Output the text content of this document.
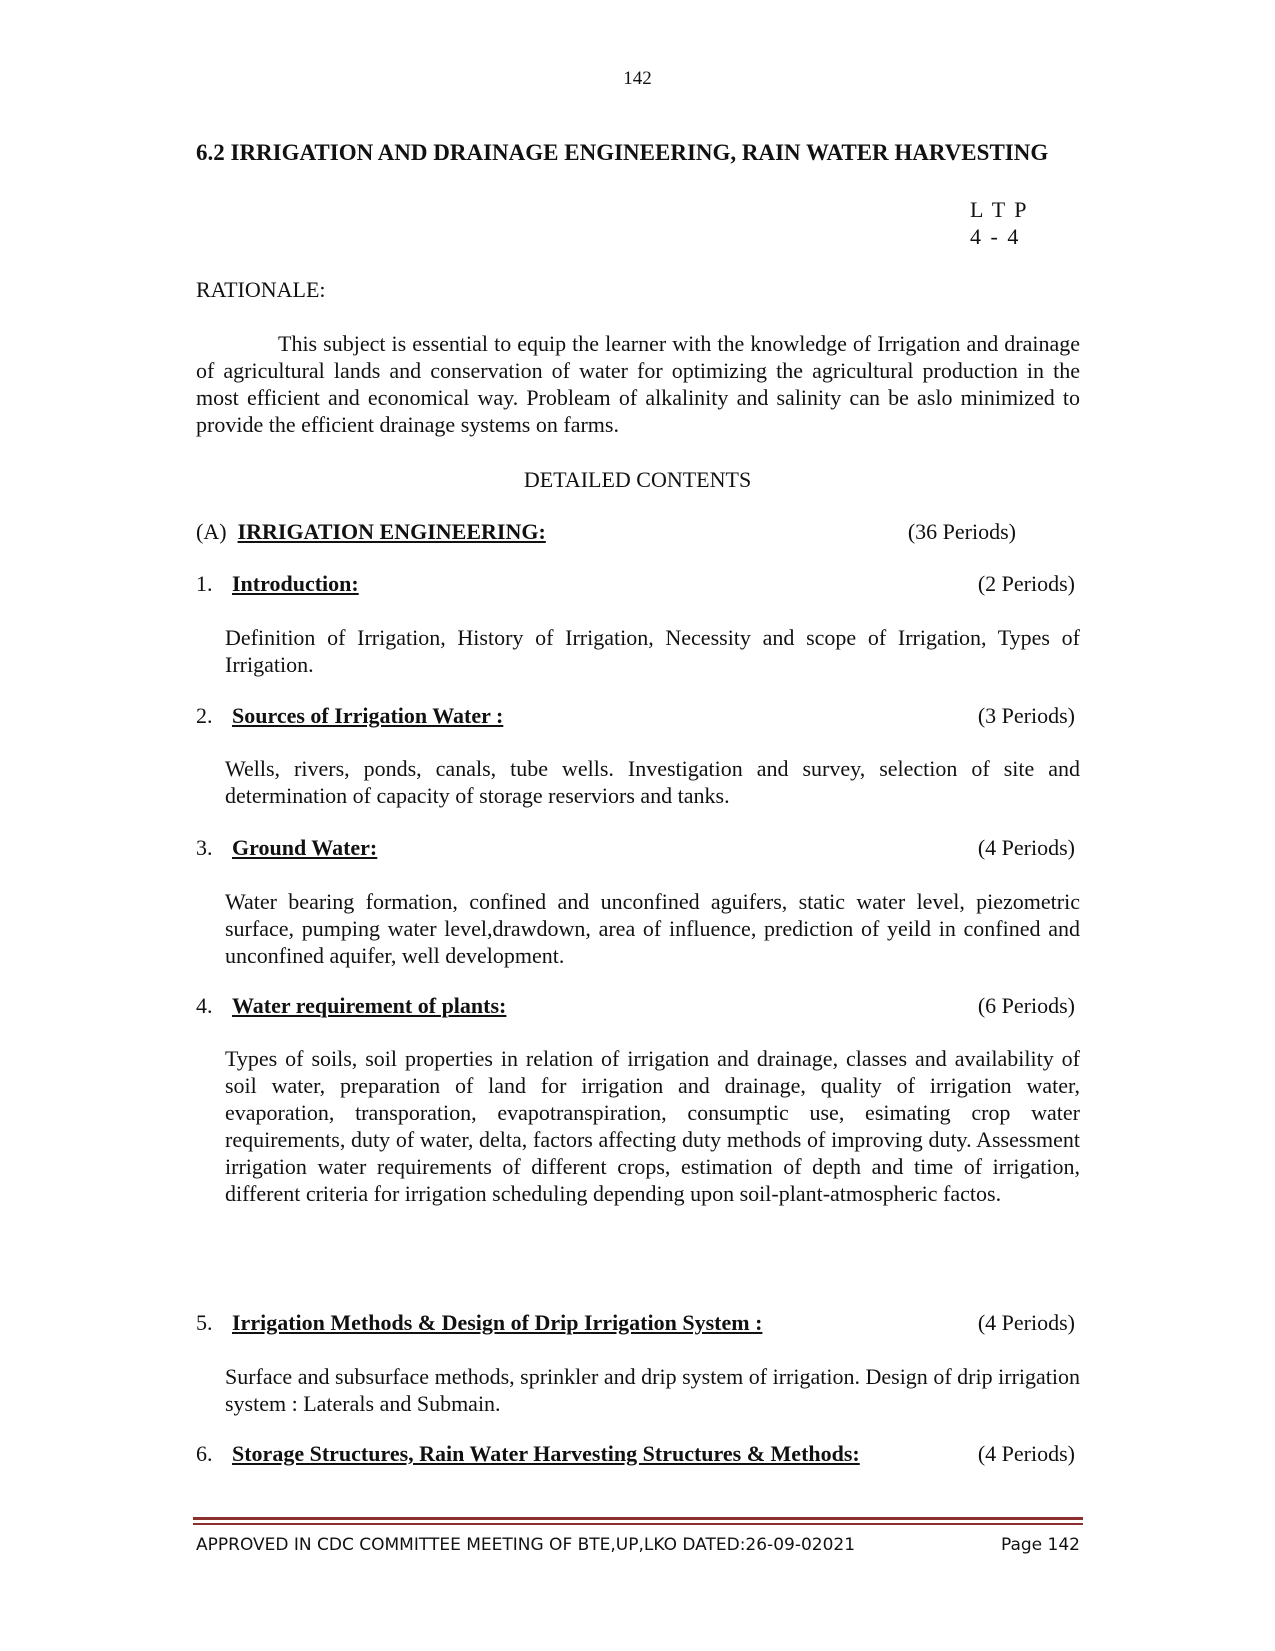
142
6.2 IRRIGATION AND DRAINAGE ENGINEERING, RAIN WATER HARVESTING
L T P
4 - 4
RATIONALE:
This subject is essential to equip the learner with the knowledge of Irrigation and drainage of agricultural lands and conservation of water for optimizing the agricultural production in the most efficient and economical way. Probleam of alkalinity and salinity can be aslo minimized to provide the efficient drainage systems on farms.
DETAILED CONTENTS
(A) IRRIGATION ENGINEERING:	(36 Periods)
1. Introduction:	(2 Periods)
Definition of Irrigation, History of Irrigation, Necessity and scope of Irrigation, Types of Irrigation.
2. Sources of Irrigation Water :	(3 Periods)
Wells, rivers, ponds, canals, tube wells. Investigation and survey, selection of site and determination of capacity of storage reserviors and tanks.
3. Ground Water:	(4 Periods)
Water bearing formation, confined and unconfined aguifers, static water level, piezometric surface, pumping water level,drawdown, area of influence, prediction of yeild in confined and unconfined aquifer, well development.
4. Water requirement of plants:	(6 Periods)
Types of soils, soil properties in relation of irrigation and drainage, classes and availability of soil water, preparation of land for irrigation and drainage, quality of irrigation water, evaporation, transporation, evapotranspiration, consumptic use, esimating crop water requirements, duty of water, delta, factors affecting duty methods of improving duty. Assessment irrigation water requirements of different crops, estimation of depth and time of irrigation, different criteria for irrigation scheduling depending upon soil-plant-atmospheric factos.
5. Irrigation Methods & Design of Drip Irrigation System :	(4 Periods)
Surface and subsurface methods, sprinkler and drip system of irrigation. Design of drip irrigation system : Laterals and Submain.
6. Storage Structures, Rain Water Harvesting Structures & Methods:	(4 Periods)
APPROVED IN CDC COMMITTEE MEETING OF BTE,UP,LKO DATED:26-09-02021	Page 142
